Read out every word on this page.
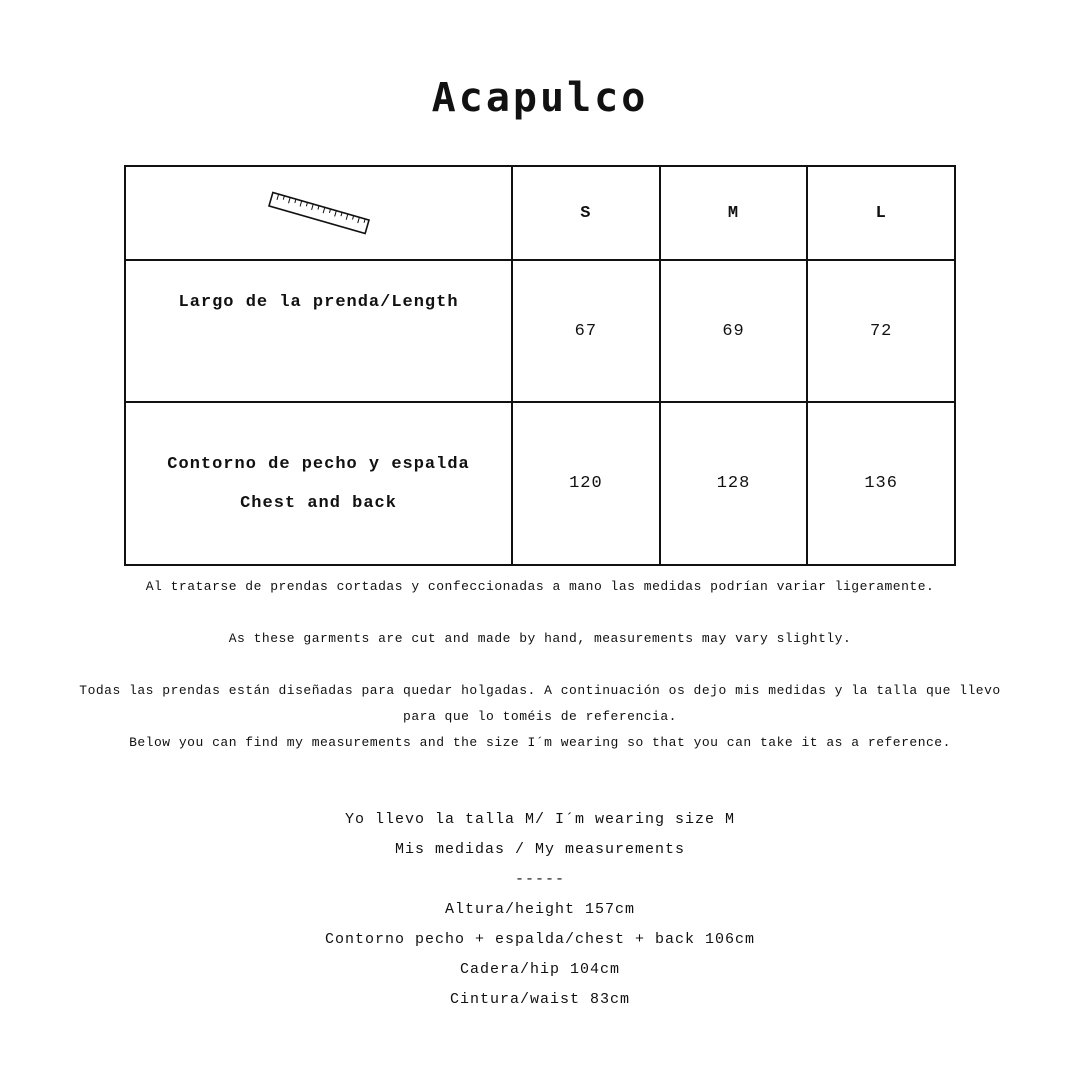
Acapulco
	S	M	L
Largo de la prenda/Length	67	69	72

Contorno de pecho y espalda
Chest and back	120	128	136

Al tratarse de prendas cortadas y confeccionadas a mano las medidas podrían variar ligeramente.

As these garments are cut and made by hand, measurements may vary slightly.

Todas las prendas están diseñadas para quedar holgadas. A continuación os dejo mis medidas y la talla que llevo

para que lo toméis de referencia.

Below you can find my measurements and the size I´m wearing so that you can take it as a reference.

Yo llevo la talla M/ I´m wearing size M

Mis medidas / My measurements

-----

Altura/height 157cm

Contorno pecho + espalda/chest + back 106cm

Cadera/hip 104cm

Cintura/waist 83cm
